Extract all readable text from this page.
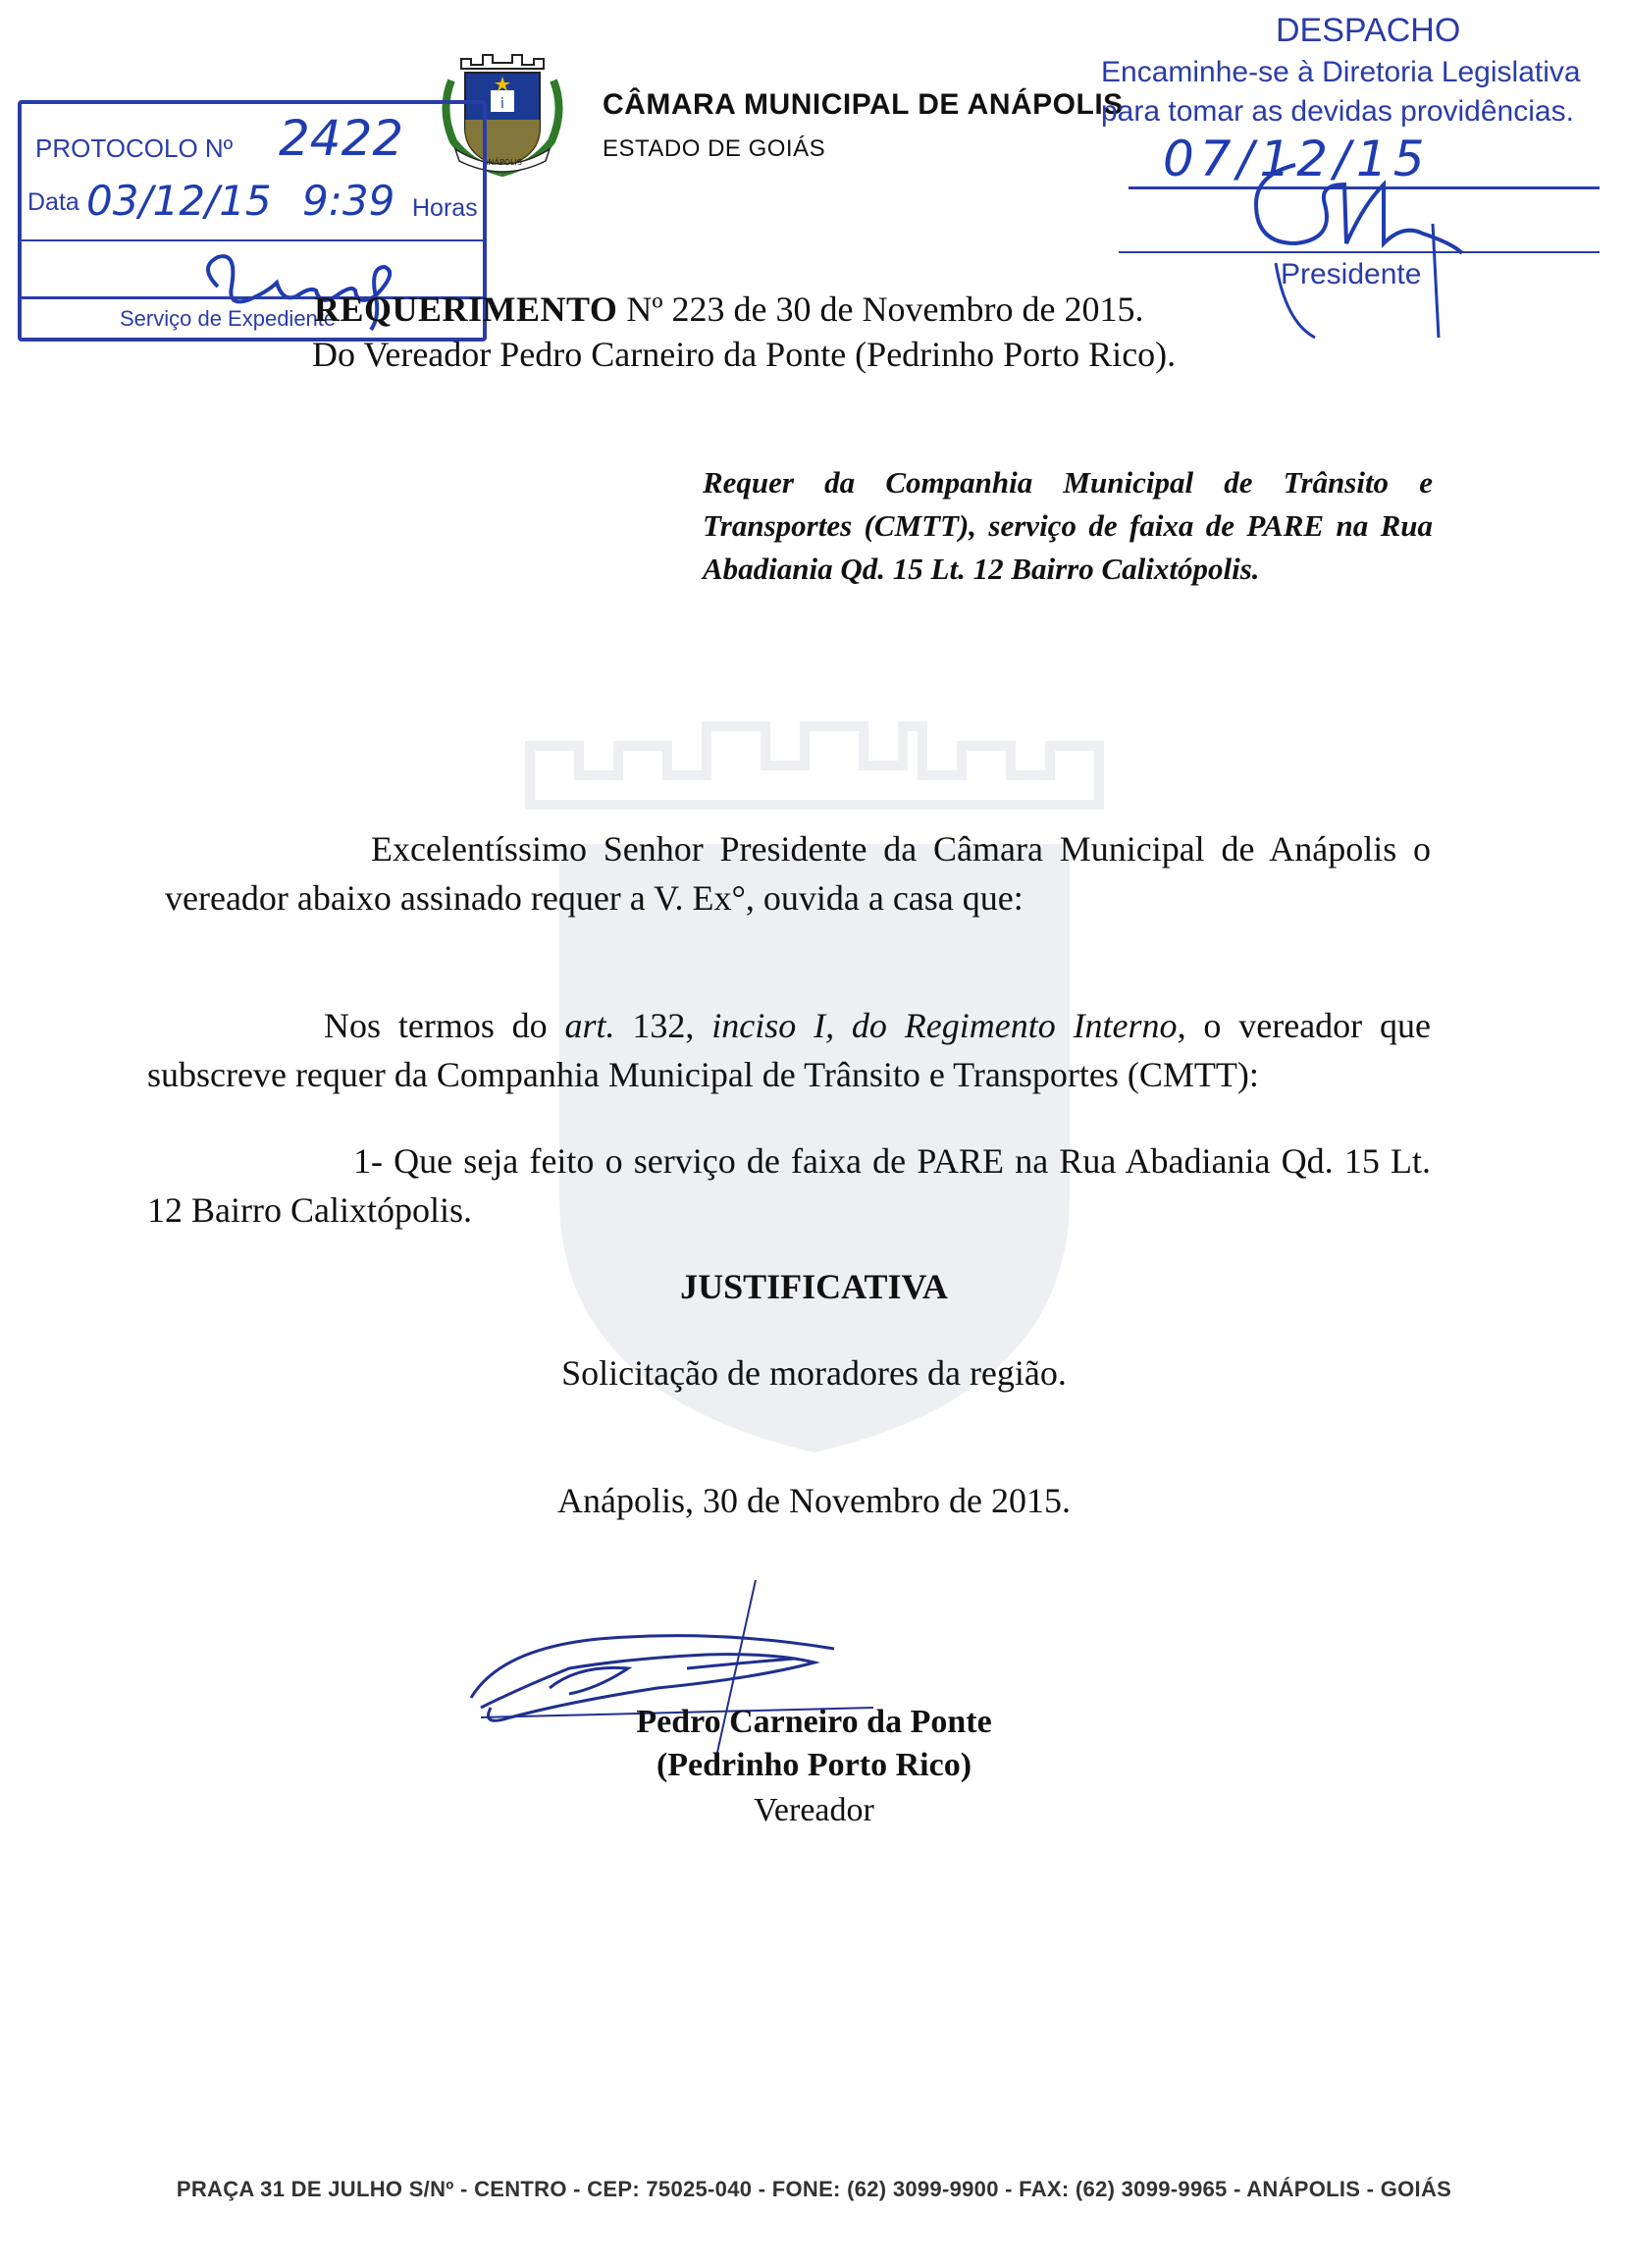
i
ANÁPOLIS
CÂMARA MUNICIPAL DE ANÁPOLIS
ESTADO DE GOIÁS
PROTOCOLO Nº 2422
Data 03/12/15 9:39 Horas
Serviço de Expediente
DESPACHO
Encaminhe-se à Diretoria Legislativa para tomar as devidas providências.
07/12/15
Presidente
REQUERIMENTO Nº 223 de 30 de Novembro de 2015.
Do Vereador Pedro Carneiro da Ponte (Pedrinho Porto Rico).
Requer da Companhia Municipal de Trânsito e Transportes (CMTT), serviço de faixa de PARE na Rua Abadiania Qd. 15 Lt. 12 Bairro Calixtópolis.
Excelentíssimo Senhor Presidente da Câmara Municipal de Anápolis o vereador abaixo assinado requer a V. Ex°, ouvida a casa que:
Nos termos do art. 132, inciso I, do Regimento Interno, o vereador que subscreve requer da Companhia Municipal de Trânsito e Transportes (CMTT):
1- Que seja feito o serviço de faixa de PARE na Rua Abadiania Qd. 15 Lt. 12 Bairro Calixtópolis.
JUSTIFICATIVA
Solicitação de moradores da região.
Anápolis, 30 de Novembro de 2015.
Pedro Carneiro da Ponte
(Pedrinho Porto Rico)
Vereador
PRAÇA 31 DE JULHO S/Nº - CENTRO - CEP: 75025-040 - FONE: (62) 3099-9900 - FAX: (62) 3099-9965 - ANÁPOLIS - GOIÁS
